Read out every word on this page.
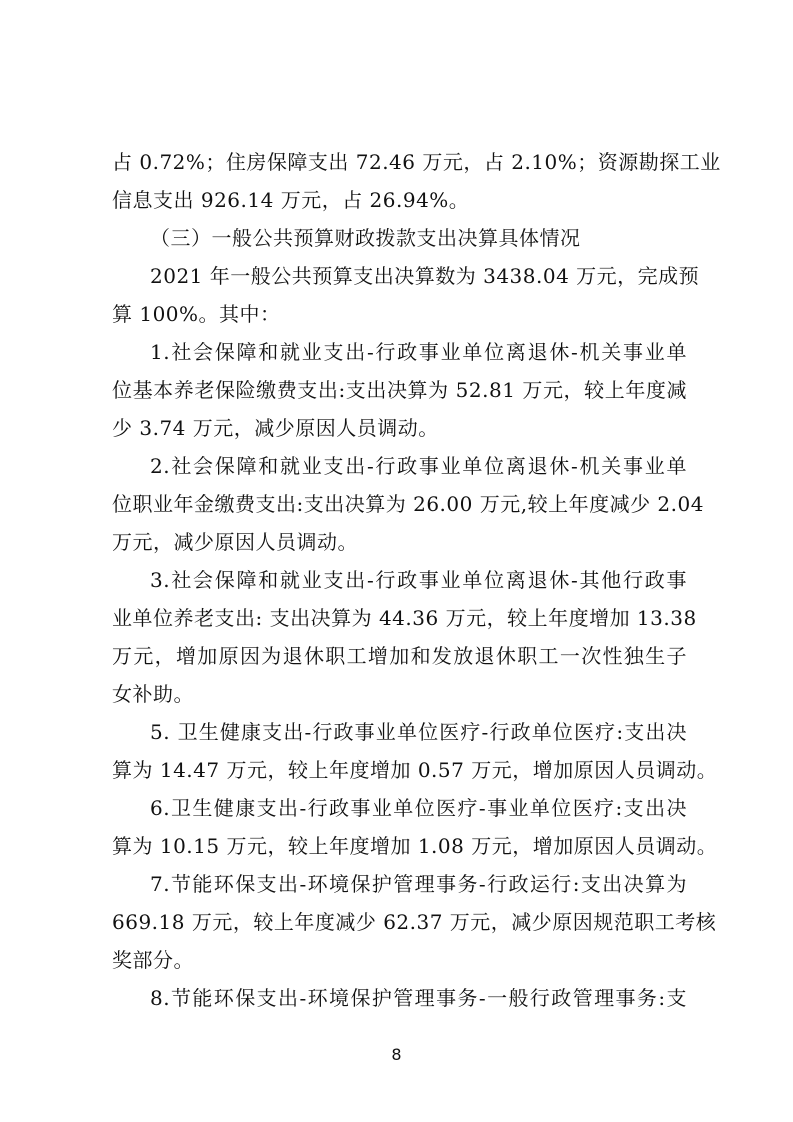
占 0.72%；住房保障支出 72.46 万元，占 2.10%；资源勘探工业
信息支出 926.14 万元，占 26.94%。
（三）一般公共预算财政拨款支出决算具体情况
2021 年一般公共预算支出决算数为 3438.04 万元，完成预
算 100%。其中：
1.社会保障和就业支出-行政事业单位离退休-机关事业单
位基本养老保险缴费支出:支出决算为 52.81 万元，较上年度减
少 3.74 万元，减少原因人员调动。
2.社会保障和就业支出-行政事业单位离退休-机关事业单
位职业年金缴费支出:支出决算为 26.00 万元,较上年度减少 2.04
万元，减少原因人员调动。
3.社会保障和就业支出-行政事业单位离退休-其他行政事
业单位养老支出: 支出决算为 44.36 万元，较上年度增加 13.38
万元，增加原因为退休职工增加和发放退休职工一次性独生子
女补助。
5. 卫生健康支出-行政事业单位医疗-行政单位医疗:支出决
算为 14.47 万元，较上年度增加 0.57 万元，增加原因人员调动。
6.卫生健康支出-行政事业单位医疗-事业单位医疗:支出决
算为 10.15 万元，较上年度增加 1.08 万元，增加原因人员调动。
7.节能环保支出-环境保护管理事务-行政运行:支出决算为
669.18 万元，较上年度减少 62.37 万元，减少原因规范职工考核
奖部分。
8.节能环保支出-环境保护管理事务-一般行政管理事务:支
8
